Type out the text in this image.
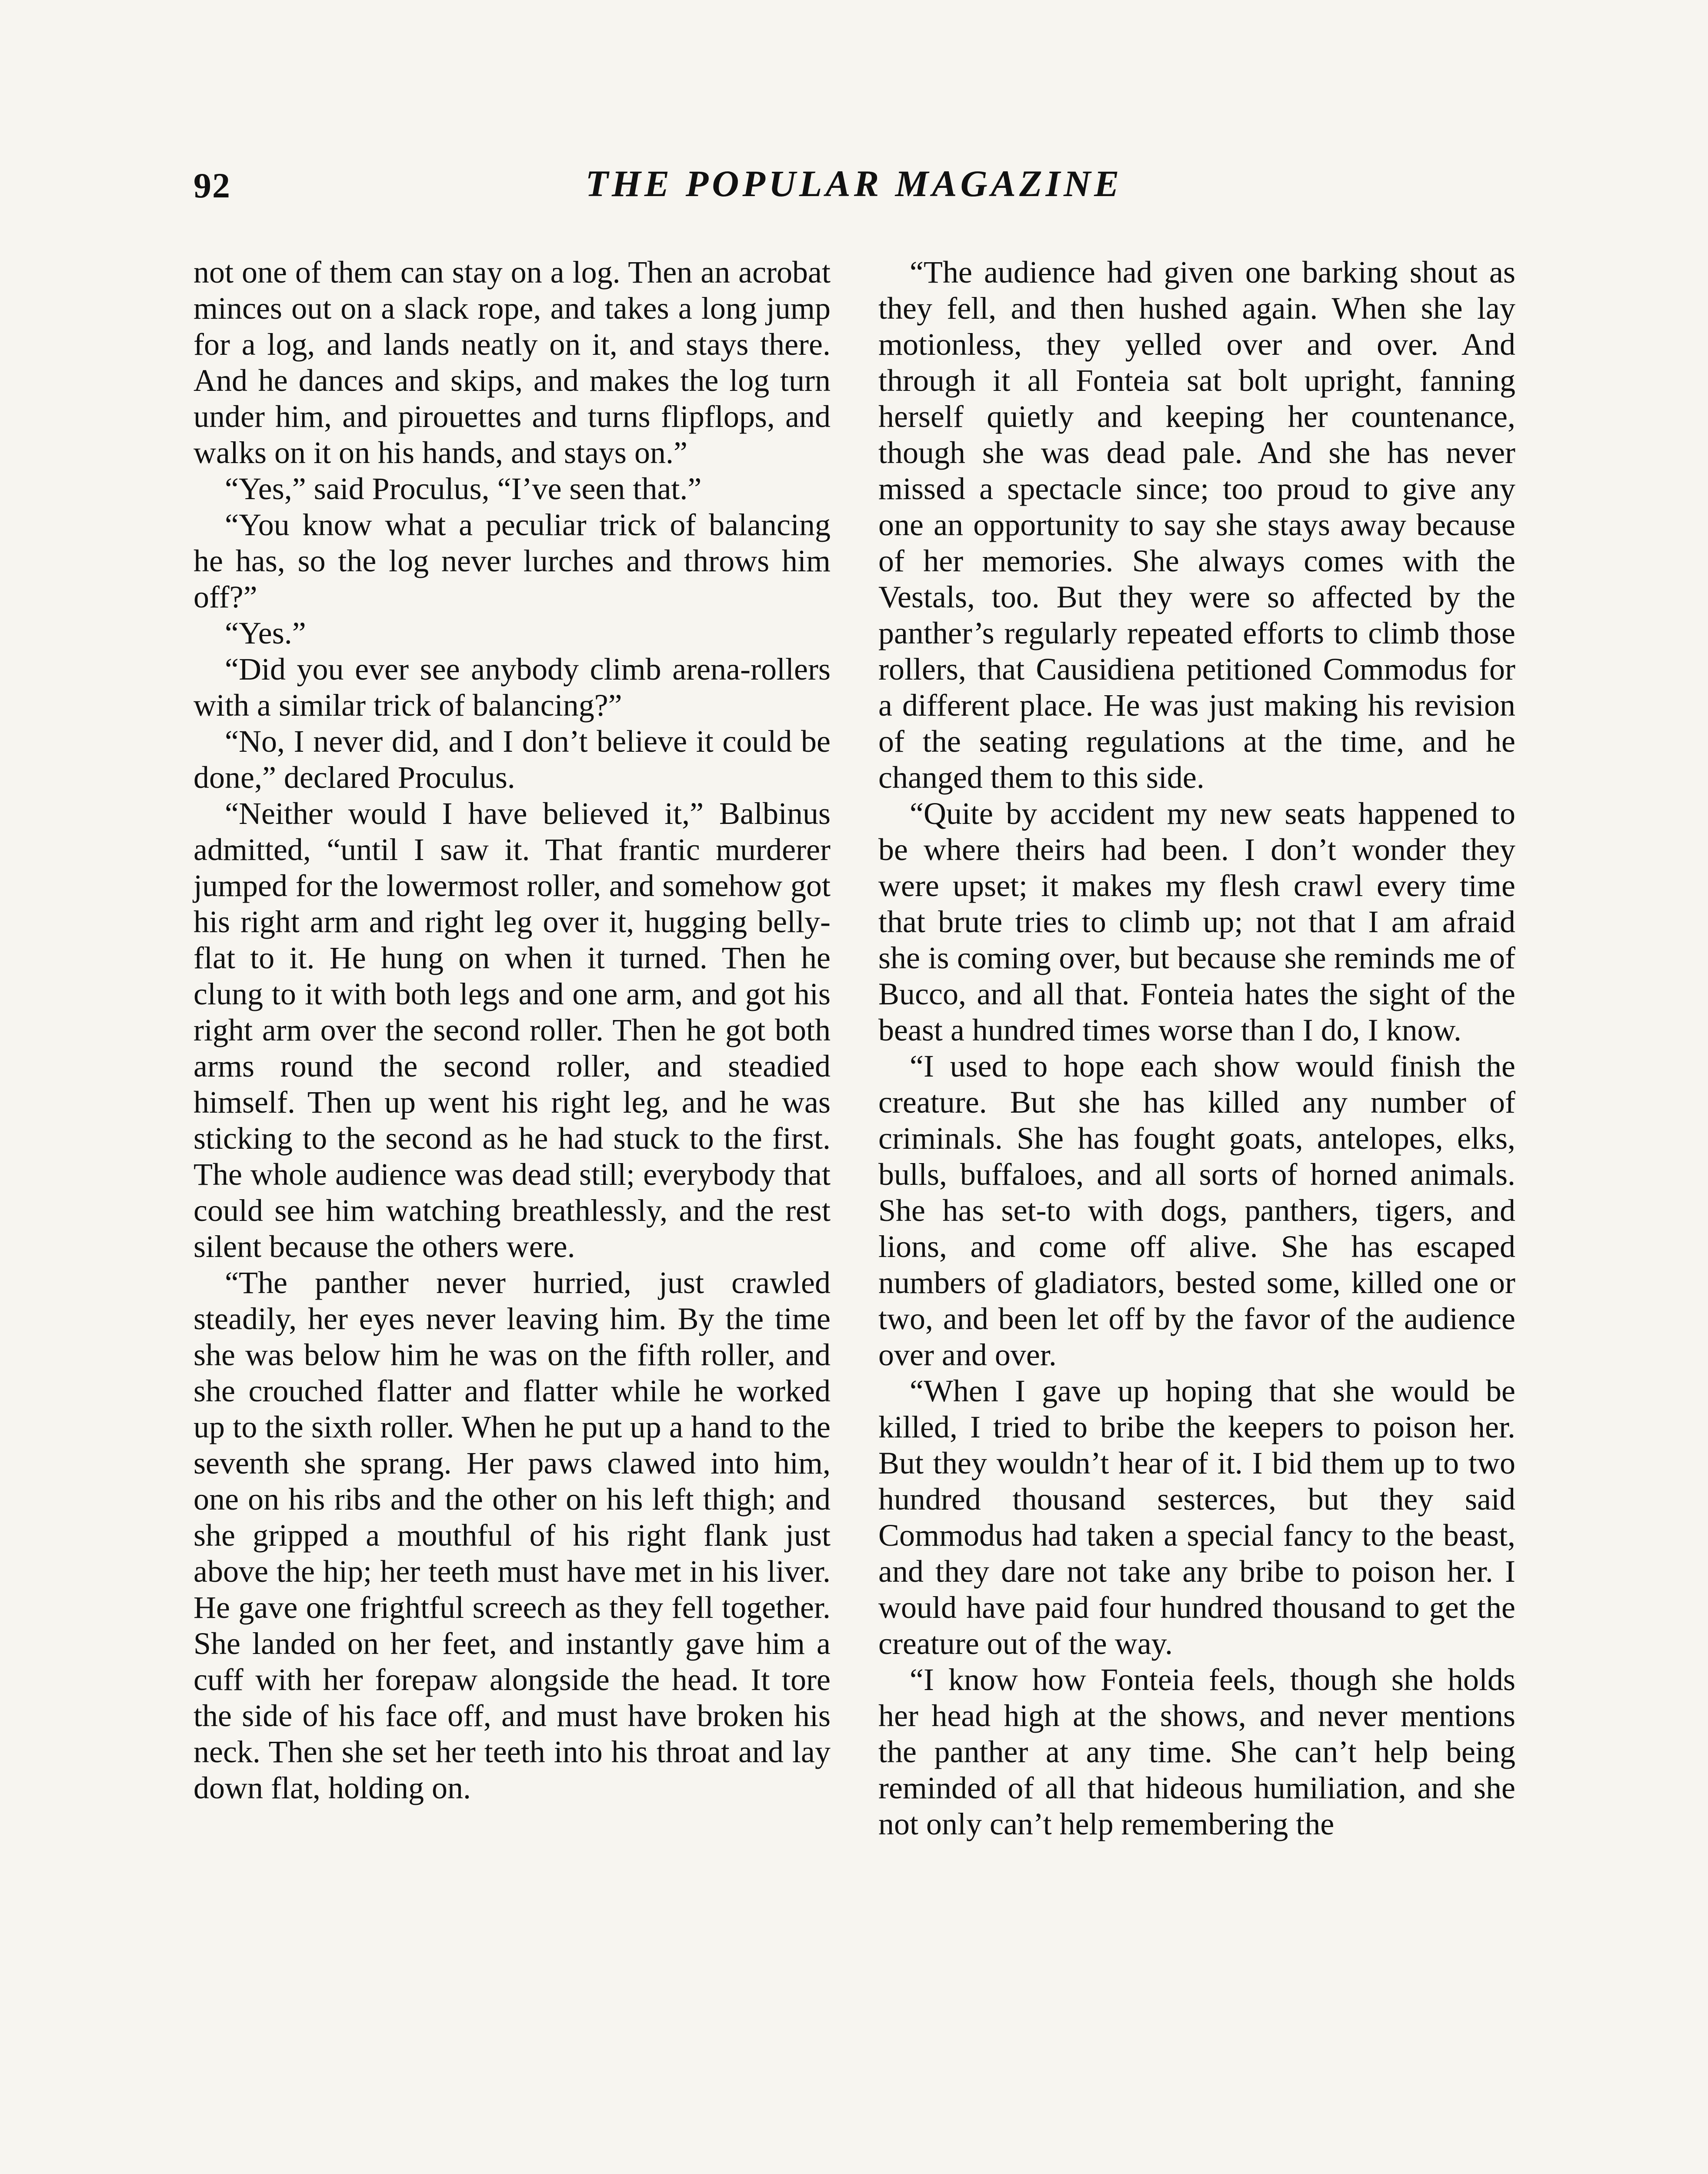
92	THE POPULAR MAGAZINE

not one of them can stay on a log. Then an acrobat minces out on a slack rope, and takes a long jump for a log, and lands neatly on it, and stays there. And he dances and skips, and makes the log turn under him, and pirouettes and turns flipflops, and walks on it on his hands, and stays on.”

“Yes,” said Proculus, “I’ve seen that.”

“You know what a peculiar trick of balancing he has, so the log never lurches and throws him off?”

“Yes.”

“Did you ever see anybody climb arena-rollers with a similar trick of balancing?”

“No, I never did, and I don’t believe it could be done,” declared Proculus.

“Neither would I have believed it,” Balbinus admitted, “until I saw it. That frantic murderer jumped for the lowermost roller, and somehow got his right arm and right leg over it, hugging belly-flat to it. He hung on when it turned. Then he clung to it with both legs and one arm, and got his right arm over the second roller. Then he got both arms round the second roller, and steadied himself. Then up went his right leg, and he was sticking to the second as he had stuck to the first. The whole audience was dead still; everybody that could see him watching breathlessly, and the rest silent because the others were.

“The panther never hurried, just crawled steadily, her eyes never leaving him. By the time she was below him he was on the fifth roller, and she crouched flatter and flatter while he worked up to the sixth roller. When he put up a hand to the seventh she sprang. Her paws clawed into him, one on his ribs and the other on his left thigh; and she gripped a mouthful of his right flank just above the hip; her teeth must have met in his liver. He gave one frightful screech as they fell together. She landed on her feet, and instantly gave him a cuff with her forepaw alongside the head. It tore the side of his face off, and must have broken his neck. Then she set her teeth into his throat and lay down flat, holding on.

“The audience had given one barking shout as they fell, and then hushed again. When she lay motionless, they yelled over and over. And through it all Fonteia sat bolt upright, fanning herself quietly and keeping her countenance, though she was dead pale. And she has never missed a spectacle since; too proud to give any one an opportunity to say she stays away because of her memories. She always comes with the Vestals, too. But they were so affected by the panther’s regularly repeated efforts to climb those rollers, that Causidiena petitioned Commodus for a different place. He was just making his revision of the seating regulations at the time, and he changed them to this side.

“Quite by accident my new seats happened to be where theirs had been. I don’t wonder they were upset; it makes my flesh crawl every time that brute tries to climb up; not that I am afraid she is coming over, but because she reminds me of Bucco, and all that. Fonteia hates the sight of the beast a hundred times worse than I do, I know.

“I used to hope each show would finish the creature. But she has killed any number of criminals. She has fought goats, antelopes, elks, bulls, buffaloes, and all sorts of horned animals. She has set-to with dogs, panthers, tigers, and lions, and come off alive. She has escaped numbers of gladiators, bested some, killed one or two, and been let off by the favor of the audience over and over.

“When I gave up hoping that she would be killed, I tried to bribe the keepers to poison her. But they wouldn’t hear of it. I bid them up to two hundred thousand sesterces, but they said Commodus had taken a special fancy to the beast, and they dare not take any bribe to poison her. I would have paid four hundred thousand to get the creature out of the way.

“I know how Fonteia feels, though she holds her head high at the shows, and never mentions the panther at any time. She can’t help being reminded of all that hideous humiliation, and she not only can’t help remembering the
